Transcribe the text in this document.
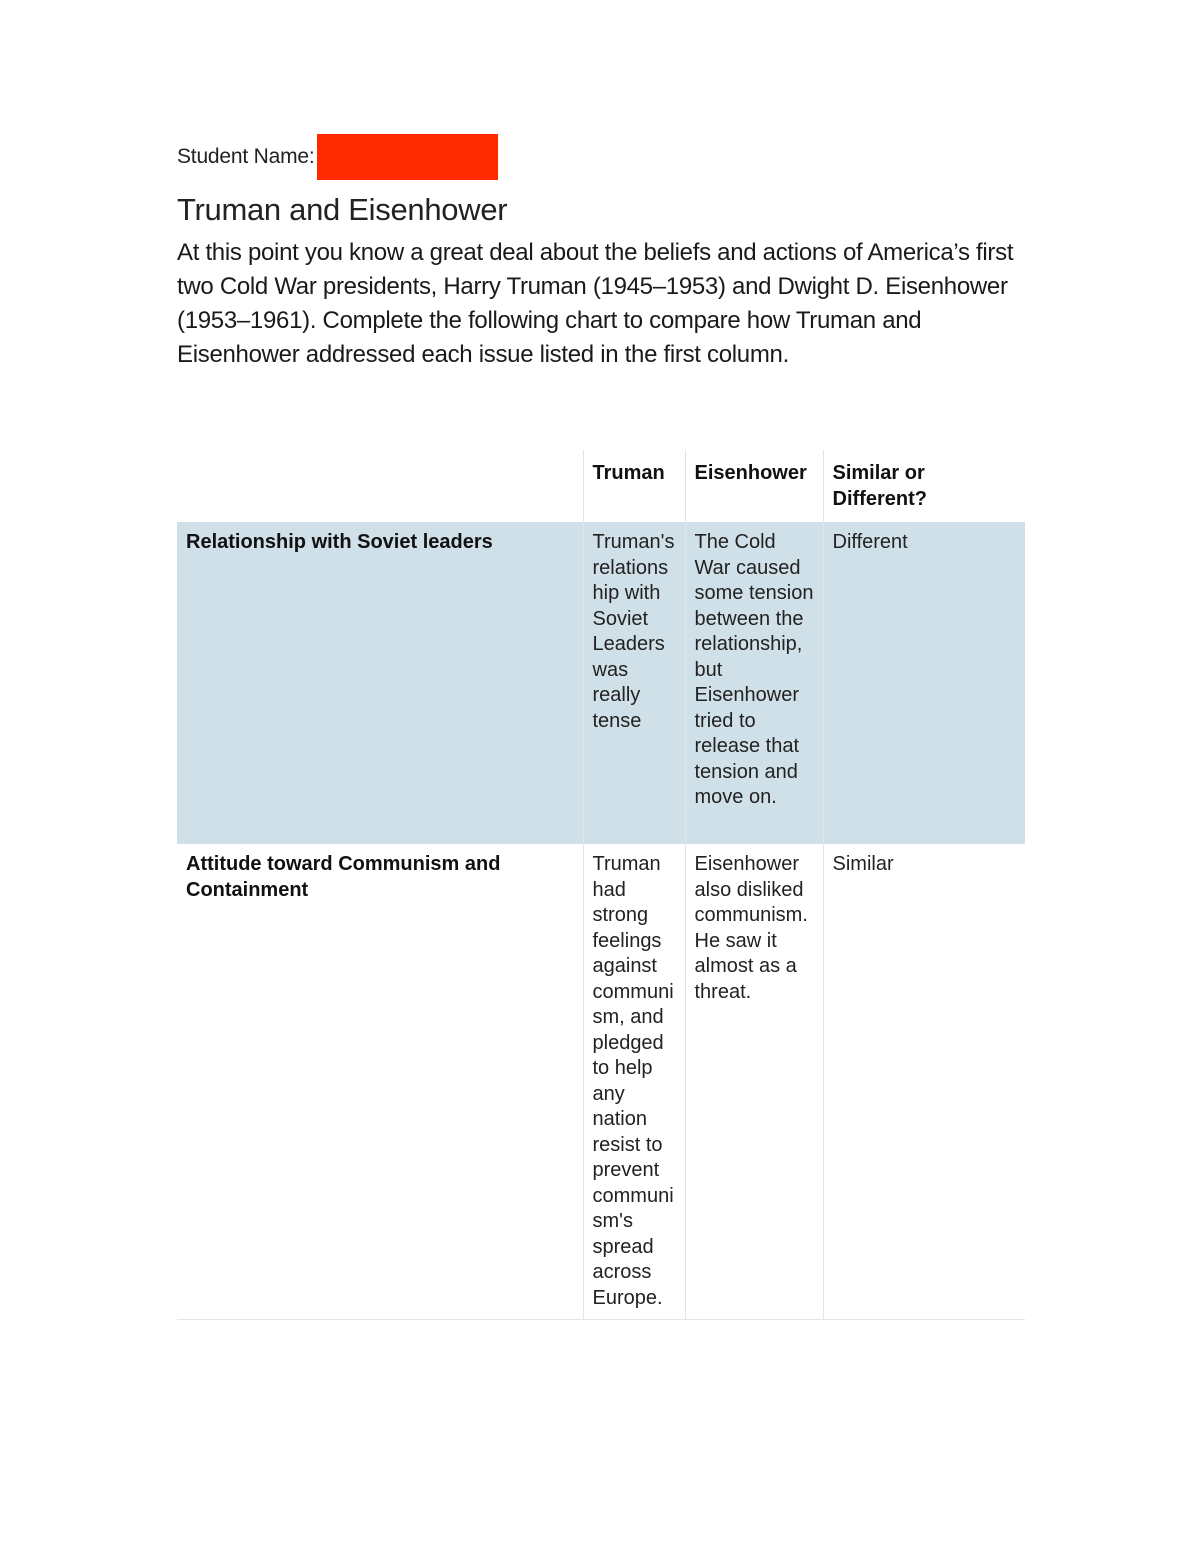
Student Name:
Truman and Eisenhower

At this point you know a great deal about the beliefs and actions of America’s first two Cold War presidents, Harry Truman (1945–1953) and Dwight D. Eisenhower (1953–1961). Complete the following chart to compare how Truman and Eisenhower addressed each issue listed in the first column.

	Truman	Eisenhower	Similar or Different?
Relationship with Soviet leaders	Truman's relationship with Soviet Leaders was really tense	The Cold War caused some tension between the relationship, but Eisenhower tried to release that tension and move on.	Different
Attitude toward Communism and Containment	Truman had strong feelings against communism, and pledged to help any nation resist to prevent communism's spread across Europe.	Eisenhower also disliked communism. He saw it almost as a threat.	Similar
